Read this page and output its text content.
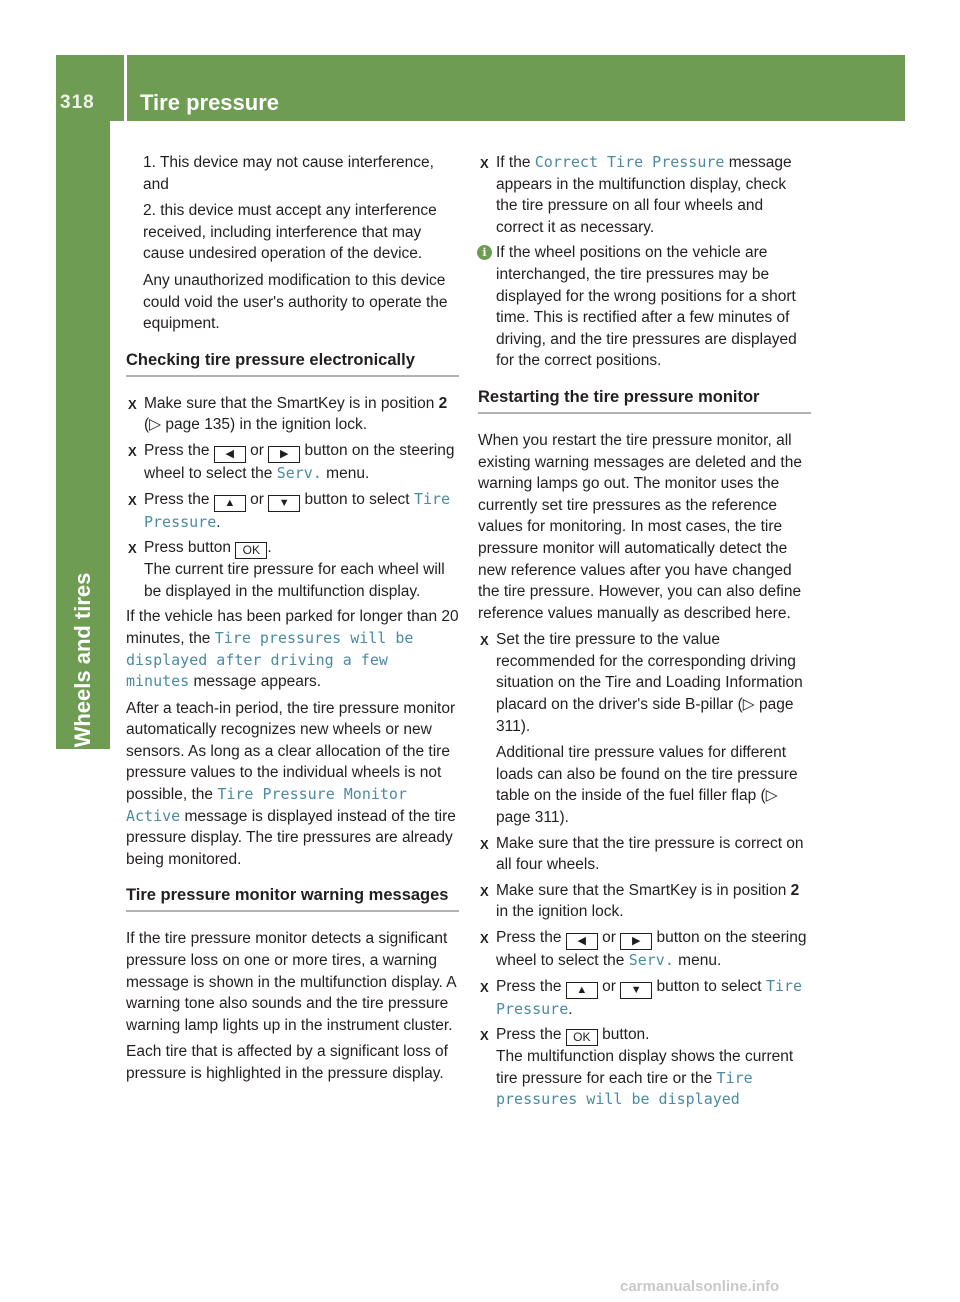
318	Tire pressure
Wheels and tires

1. This device may not cause interference, and

2. this device must accept any interference received, including interference that may cause undesired operation of the device.

Any unauthorized modification to this device could void the user's authority to operate the equipment.

Checking tire pressure electronically
X Make sure that the SmartKey is in position 2 (▷ page 135) in the ignition lock.
X Press the ◀ or ▶ button on the steering wheel to select the Serv. menu.
X Press the ▲ or ▼ button to select Tire Pressure.
X Press button OK .
The current tire pressure for each wheel will be displayed in the multifunction display.

If the vehicle has been parked for longer than 20 minutes, the Tire pressures will be displayed after driving a few minutes message appears.

After a teach-in period, the tire pressure monitor automatically recognizes new wheels or new sensors. As long as a clear allocation of the tire pressure values to the individual wheels is not possible, the Tire Pressure Monitor Active message is displayed instead of the tire pressure display. The tire pressures are already being monitored.

Tire pressure monitor warning messages

If the tire pressure monitor detects a significant pressure loss on one or more tires, a warning message is shown in the multifunction display. A warning tone also sounds and the tire pressure warning lamp lights up in the instrument cluster.

Each tire that is affected by a significant loss of pressure is highlighted in the pressure display.

X If the Correct Tire Pressure message appears in the multifunction display, check the tire pressure on all four wheels and correct it as necessary.
i If the wheel positions on the vehicle are interchanged, the tire pressures may be displayed for the wrong positions for a short time. This is rectified after a few minutes of driving, and the tire pressures are displayed for the correct positions.
Restarting the tire pressure monitor

When you restart the tire pressure monitor, all existing warning messages are deleted and the warning lamps go out. The monitor uses the currently set tire pressures as the reference values for monitoring. In most cases, the tire pressure monitor will automatically detect the new reference values after you have changed the tire pressure. However, you can also define reference values manually as described here.

X Set the tire pressure to the value recommended for the corresponding driving situation on the Tire and Loading Information placard on the driver's side B-pillar (▷ page 311).
Additional tire pressure values for different loads can also be found on the tire pressure table on the inside of the fuel filler flap (▷ page 311).
X Make sure that the tire pressure is correct on all four wheels.
X Make sure that the SmartKey is in position 2 in the ignition lock.
X Press the ◀ or ▶ button on the steering wheel to select the Serv. menu.
X Press the ▲ or ▼ button to select Tire Pressure.
X Press the OK button.
The multifunction display shows the current tire pressure for each tire or the Tire pressures will be displayed
carmanualsonline.info
